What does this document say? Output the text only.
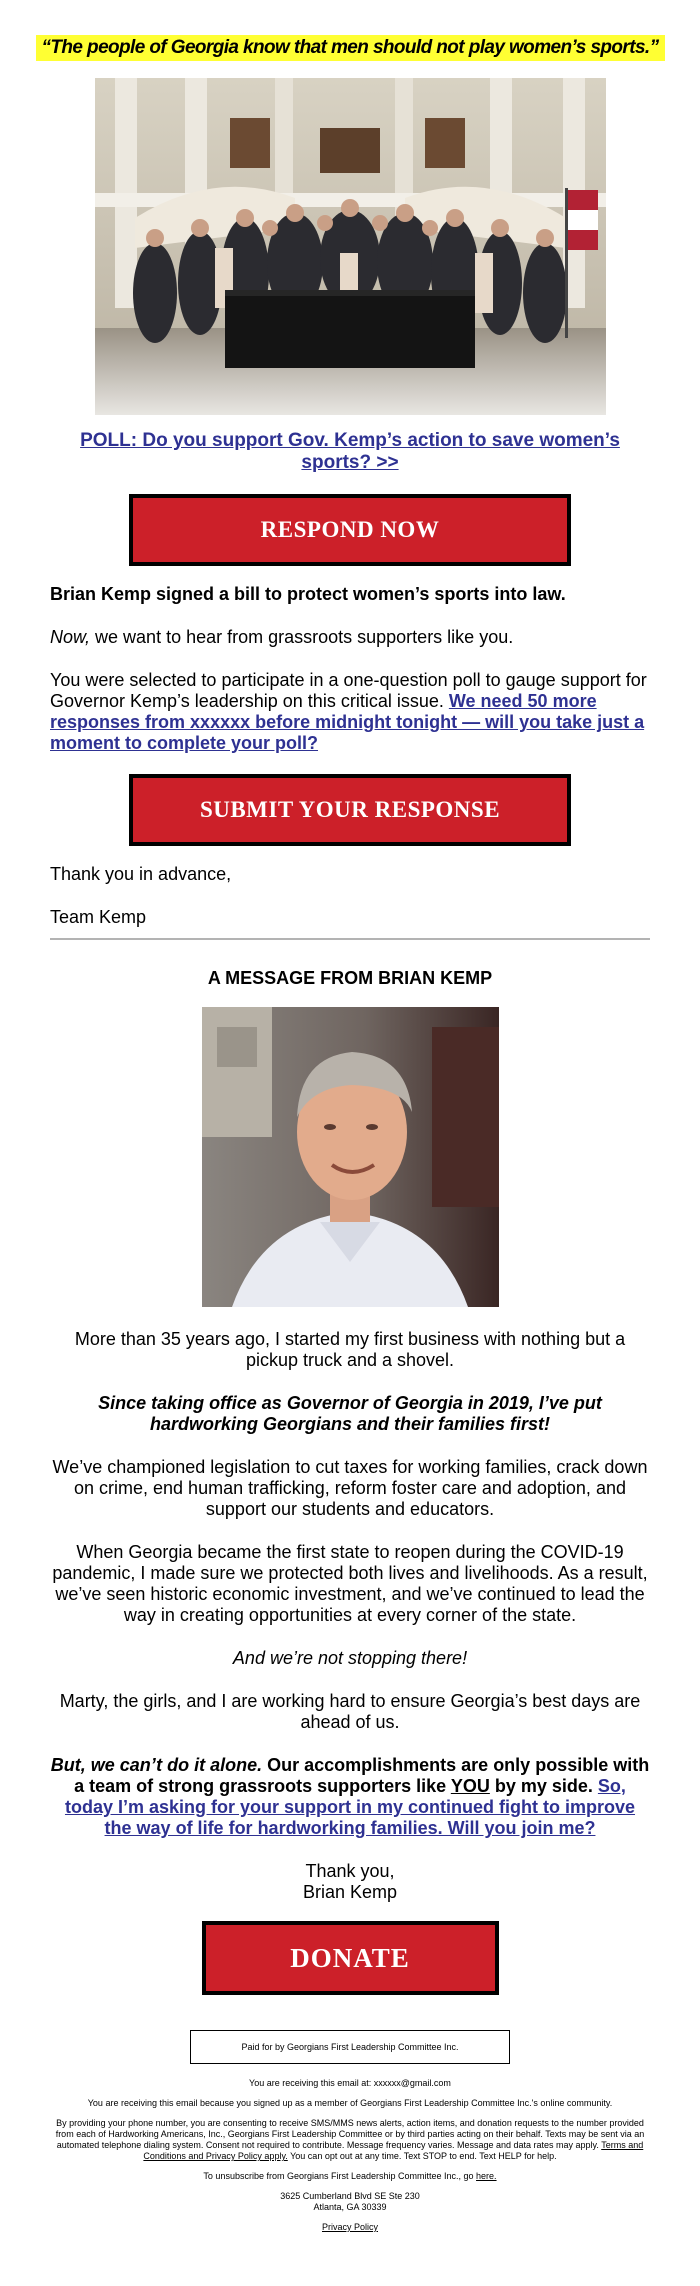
“The people of Georgia know that men should not play women’s sports.”
POLL: Do you support Gov. Kemp’s action to save women’s sports? >>
RESPOND NOW

Brian Kemp signed a bill to protect women’s sports into law.

Now, we want to hear from grassroots supporters like you.

You were selected to participate in a one-question poll to gauge support for Governor Kemp’s leadership on this critical issue. We need 50 more responses from xxxxxx before midnight tonight — will you take just a moment to complete your poll?

SUBMIT YOUR RESPONSE

Thank you in advance,

Team Kemp

A MESSAGE FROM BRIAN KEMP

More than 35 years ago, I started my first business with nothing but a pickup truck and a shovel.

Since taking office as Governor of Georgia in 2019, I’ve put hardworking Georgians and their families first!

We’ve championed legislation to cut taxes for working families, crack down on crime, end human trafficking, reform foster care and adoption, and support our students and educators.

When Georgia became the first state to reopen during the COVID-19 pandemic, I made sure we protected both lives and livelihoods. As a result, we’ve seen historic economic investment, and we’ve continued to lead the way in creating opportunities at every corner of the state.

And we’re not stopping there!

Marty, the girls, and I are working hard to ensure Georgia’s best days are ahead of us.

But, we can’t do it alone. Our accomplishments are only possible with a team of strong grassroots supporters like YOU by my side. So, today I’m asking for your support in my continued fight to improve the way of life for hardworking families. Will you join me?

Thank you,

Brian Kemp

DONATE
Paid for by Georgians First Leadership Committee Inc.

You are receiving this email at: xxxxxx@gmail.com

You are receiving this email because you signed up as a member of Georgians First Leadership Committee Inc.'s online community.

By providing your phone number, you are consenting to receive SMS/MMS news alerts, action items, and donation requests to the number provided from each of Hardworking Americans, Inc., Georgians First Leadership Committee or by third parties acting on their behalf. Texts may be sent via an automated telephone dialing system. Consent not required to contribute. Message frequency varies. Message and data rates may apply. Terms and Conditions and Privacy Policy apply. You can opt out at any time. Text STOP to end. Text HELP for help.

To unsubscribe from Georgians First Leadership Committee Inc., go here.

3625 Cumberland Blvd SE Ste 230

Atlanta, GA 30339

Privacy Policy
